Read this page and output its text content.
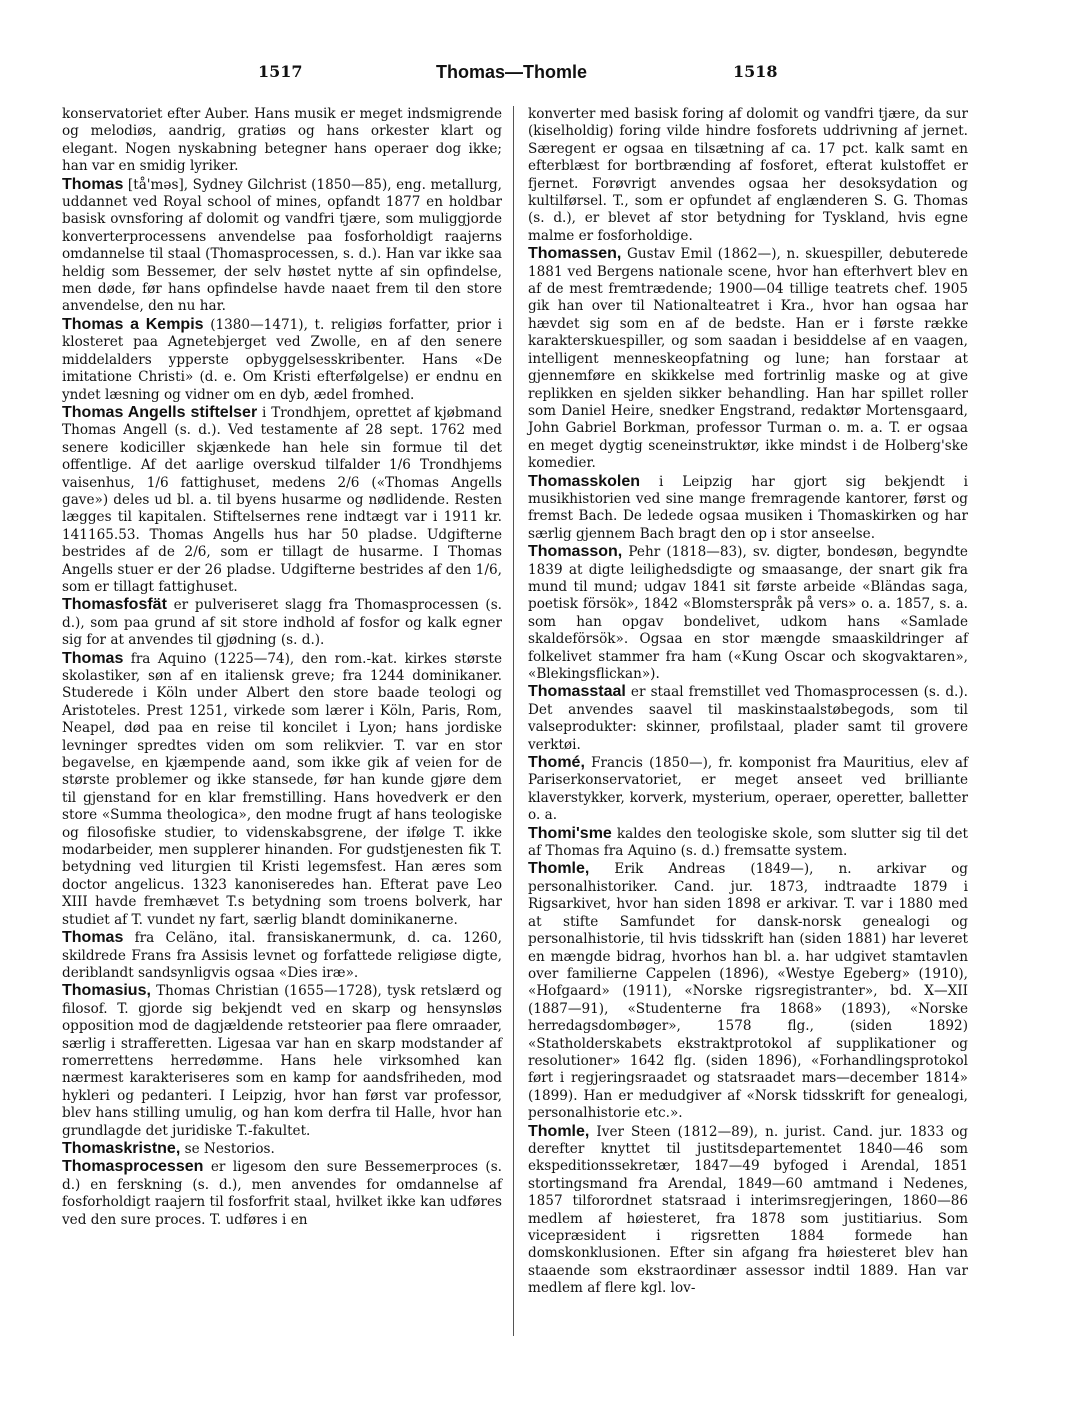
1517	Thomas—Thomle	1518

konservatoriet efter Auber. Hans musik er meget indsmigrende og melodiøs, aandrig, gratiøs og hans orkester klart og elegant. Nogen nyskabning betegner hans operaer dog ikke; han var en smidig lyriker.

Thomas [tå'məs], Sydney Gilchrist (1850—85), eng. metallurg, uddannet ved Royal school of mines, opfandt 1877 en holdbar basisk ovnsforing af dolomit og vandfri tjære, som muliggjorde konverterprocessens anvendelse paa fosforholdigt raajerns omdannelse til staal (Thomasprocessen, s. d.). Han var ikke saa heldig som Bessemer, der selv høstet nytte af sin opfindelse, men døde, før hans opfindelse havde naaet frem til den store anvendelse, den nu har.

Thomas a Kempis (1380—1471), t. religiøs forfatter, prior i klosteret paa Agnetebjerget ved Zwolle, en af den senere middelalders ypperste opbyggelsesskribenter. Hans «De imitatione Christi» (d. e. Om Kristi efterfølgelse) er endnu en yndet læsning og vidner om en dyb, ædel fromhed.

Thomas Angells stiftelser i Trondhjem, oprettet af kjøbmand Thomas Angell (s. d.). Ved testamente af 28 sept. 1762 med senere kodiciller skjænkede han hele sin formue til det offentlige. Af det aarlige overskud tilfalder 1/6 Trondhjems vaisenhus, 1/6 fattighuset, medens 2/6 («Thomas Angells gave») deles ud bl. a. til byens husarme og nødlidende. Resten lægges til kapitalen. Stiftelsernes rene indtægt var i 1911 kr. 141165.53. Thomas Angells hus har 50 pladse. Udgifterne bestrides af de 2/6, som er tillagt de husarme. I Thomas Angells stuer er der 26 pladse. Udgifterne bestrides af den 1/6, som er tillagt fattighuset.

Thomasfosfät er pulveriseret slagg fra Thomasprocessen (s. d.), som paa grund af sit store indhold af fosfor og kalk egner sig for at anvendes til gjødning (s. d.).

Thomas fra Aquino (1225—74), den rom.-kat. kirkes største skolastiker, søn af en italiensk greve; fra 1244 dominikaner. Studerede i Köln under Albert den store baade teologi og Aristoteles. Prest 1251, virkede som lærer i Köln, Paris, Rom, Neapel, død paa en reise til koncilet i Lyon; hans jordiske levninger spredtes viden om som relikvier. T. var en stor begavelse, en kjæmpende aand, som ikke gik af veien for de største problemer og ikke stansede, før han kunde gjøre dem til gjenstand for en klar fremstilling. Hans hovedverk er den store «Summa theologica», den modne frugt af hans teologiske og filosofiske studier, to videnskabsgrene, der ifølge T. ikke modarbeider, men supplerer hinanden. For gudstjenesten fik T. betydning ved liturgien til Kristi legemsfest. Han æres som doctor angelicus. 1323 kanoniseredes han. Efterat pave Leo XIII havde fremhævet T.s betydning som troens bolverk, har studiet af T. vundet ny fart, særlig blandt dominikanerne.

Thomas fra Celäno, ital. fransiskanermunk, d. ca. 1260, skildrede Frans fra Assisis levnet og forfattede religiøse digte, deriblandt sandsynligvis ogsaa «Dies iræ».

Thomasius, Thomas Christian (1655—1728), tysk retslærd og filosof. T. gjorde sig bekjendt ved en skarp og hensynsløs opposition mod de dagjældende retsteorier paa flere omraader, særlig i strafferetten. Ligesaa var han en skarp modstander af romerrettens herredømme. Hans hele virksomhed kan nærmest karakteriseres som en kamp for aandsfriheden, mod hykleri og pedanteri. I Leipzig, hvor han først var professor, blev hans stilling umulig, og han kom derfra til Halle, hvor han grundlagde det juridiske T.-fakultet.

Thomaskristne, se Nestorios.

Thomasprocessen er ligesom den sure Bessemerproces (s. d.) en ferskning (s. d.), men anvendes for omdannelse af fosforholdigt raajern til fosforfrit staal, hvilket ikke kan udføres ved den sure proces. T. udføres i en

konverter med basisk foring af dolomit og vandfri tjære, da sur (kiselholdig) foring vilde hindre fosforets uddrivning af jernet. Særegent er ogsaa en tilsætning af ca. 17 pct. kalk samt en efterblæst for bortbrænding af fosforet, efterat kulstoffet er fjernet. Forøvrigt anvendes ogsaa her desoksydation og kultilførsel. T., som er opfundet af englænderen S. G. Thomas (s. d.), er blevet af stor betydning for Tyskland, hvis egne malme er fosforholdige.

Thomassen, Gustav Emil (1862—), n. skuespiller, debuterede 1881 ved Bergens nationale scene, hvor han efterhvert blev en af de mest fremtrædende; 1900—04 tillige teatrets chef. 1905 gik han over til Nationalteatret i Kra., hvor han ogsaa har hævdet sig som en af de bedste. Han er i første række karakterskuespiller, og som saadan i besiddelse af en vaagen, intelligent menneskeopfatning og lune; han forstaar at gjennemføre en skikkelse med fortrinlig maske og at give replikken en sjelden sikker behandling. Han har spillet roller som Daniel Heire, snedker Engstrand, redaktør Mortensgaard, John Gabriel Borkman, professor Turman o. m. a. T. er ogsaa en meget dygtig sceneinstruktør, ikke mindst i de Holberg'ske komedier.

Thomasskolen i Leipzig har gjort sig bekjendt i musikhistorien ved sine mange fremragende kantorer, først og fremst Bach. De ledede ogsaa musiken i Thomaskirken og har særlig gjennem Bach bragt den op i stor anseelse.

Thomasson, Pehr (1818—83), sv. digter, bondesøn, begyndte 1839 at digte leilighedsdigte og smaasange, der snart gik fra mund til mund; udgav 1841 sit første arbeide «Bländas saga, poetisk försök», 1842 «Blomsterspråk på vers» o. a. 1857, s. a. som han opgav bondelivet, udkom hans «Samlade skaldeförsök». Ogsaa en stor mængde smaaskildringer af folkelivet stammer fra ham («Kung Oscar och skogvaktaren», «Blekingsflickan»).

Thomasstaal er staal fremstillet ved Thomasprocessen (s. d.). Det anvendes saavel til maskinstaalstøbegods, som til valseprodukter: skinner, profilstaal, plader samt til grovere verktøi.

Thomé, Francis (1850—), fr. komponist fra Mauritius, elev af Pariserkonservatoriet, er meget anseet ved brilliante klaverstykker, korverk, mysterium, operaer, operetter, balletter o. a.

Thomi'sme kaldes den teologiske skole, som slutter sig til det af Thomas fra Aquino (s. d.) fremsatte system.

Thomle, Erik Andreas (1849—), n. arkivar og personalhistoriker. Cand. jur. 1873, indtraadte 1879 i Rigsarkivet, hvor han siden 1898 er arkivar. T. var i 1880 med at stifte Samfundet for dansk-norsk genealogi og personalhistorie, til hvis tidsskrift han (siden 1881) har leveret en mængde bidrag, hvorhos han bl. a. har udgivet stamtavlen over familierne Cappelen (1896), «Westye Egeberg» (1910), «Hofgaard» (1911), «Norske rigsregistranter», bd. X—XII (1887—91), «Studenterne fra 1868» (1893), «Norske herredagsdombøger», 1578 flg., (siden 1892) «Statholderskabets ekstraktprotokol af supplikationer og resolutioner» 1642 flg. (siden 1896), «Forhandlingsprotokol ført i regjeringsraadet og statsraadet mars—december 1814» (1899). Han er medudgiver af «Norsk tidsskrift for genealogi, personalhistorie etc.».

Thomle, Iver Steen (1812—89), n. jurist. Cand. jur. 1833 og derefter knyttet til justitsdepartementet 1840—46 som ekspeditionssekretær, 1847—49 byfoged i Arendal, 1851 stortingsmand fra Arendal, 1849—60 amtmand i Nedenes, 1857 tilforordnet statsraad i interimsregjeringen, 1860—86 medlem af høiesteret, fra 1878 som justitiarius. Som vicepræsident i rigsretten 1884 formede han domskonklusionen. Efter sin afgang fra høiesteret blev han staaende som ekstraordinær assessor indtil 1889. Han var medlem af flere kgl. lov-
